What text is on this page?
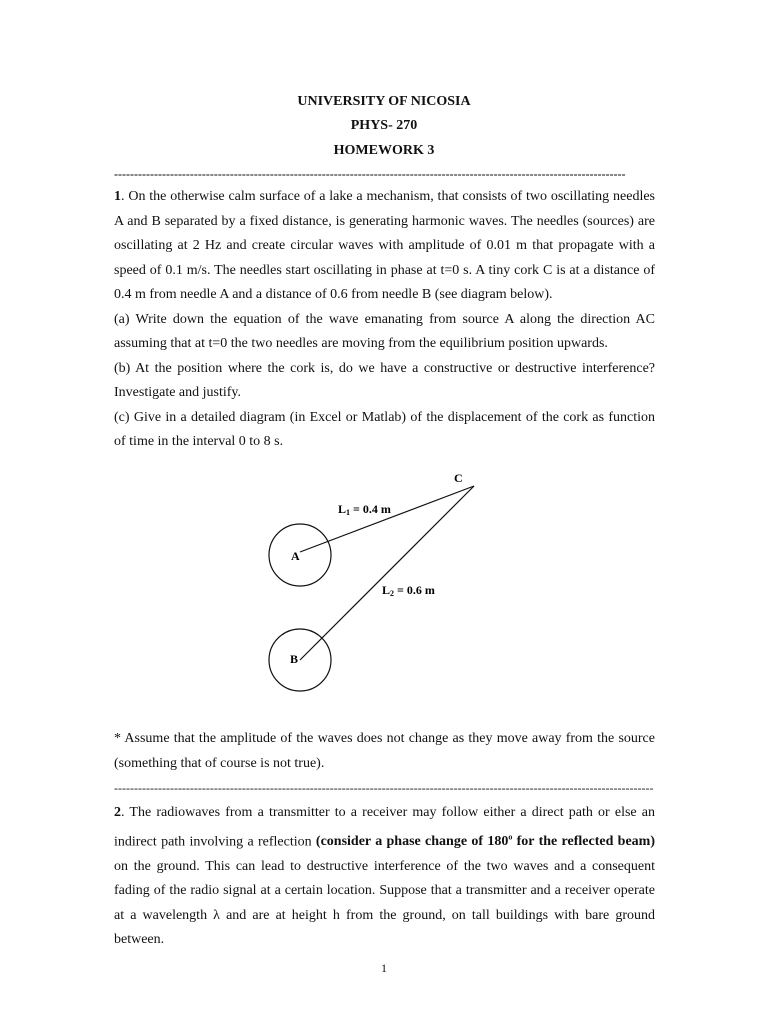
UNIVERSITY OF NICOSIA
PHYS- 270
HOMEWORK 3
--------------------------------------------------------------------------------------------------------------------------------

1. On the otherwise calm surface of a lake a mechanism, that consists of two oscillating needles A and B separated by a fixed distance, is generating harmonic waves. The needles (sources) are oscillating at 2 Hz and create circular waves with amplitude of 0.01 m that propagate with a speed of 0.1 m/s. The needles start oscillating in phase at t=0 s. A tiny cork C is at a distance of 0.4 m from needle A and a distance of 0.6 from needle B (see diagram below).

(a) Write down the equation of the wave emanating from source A along the direction AC assuming that at t=0 the two needles are moving from the equilibrium position upwards.

(b) At the position where the cork is, do we have a constructive or destructive interference? Investigate and justify.

(c) Give in a detailed diagram (in Excel or Matlab) of the displacement of the cork as function of time in the interval 0 to 8 s.

A
B
C
L1 = 0.4 m
L2 = 0.6 m
* Assume that the amplitude of the waves does not change as they move away from the source (something that of course is not true).
---------------------------------------------------------------------------------------------------------------------------------------

2. The radiowaves from a transmitter to a receiver may follow either a direct path or else an indirect path involving a reflection (consider a phase change of 180$^o$ for the reflected beam) on the ground. This can lead to destructive interference of the two waves and a consequent fading of the radio signal at a certain location. Suppose that a transmitter and a receiver operate at a wavelength λ and are at height h from the ground, on tall buildings with bare ground between.

1
